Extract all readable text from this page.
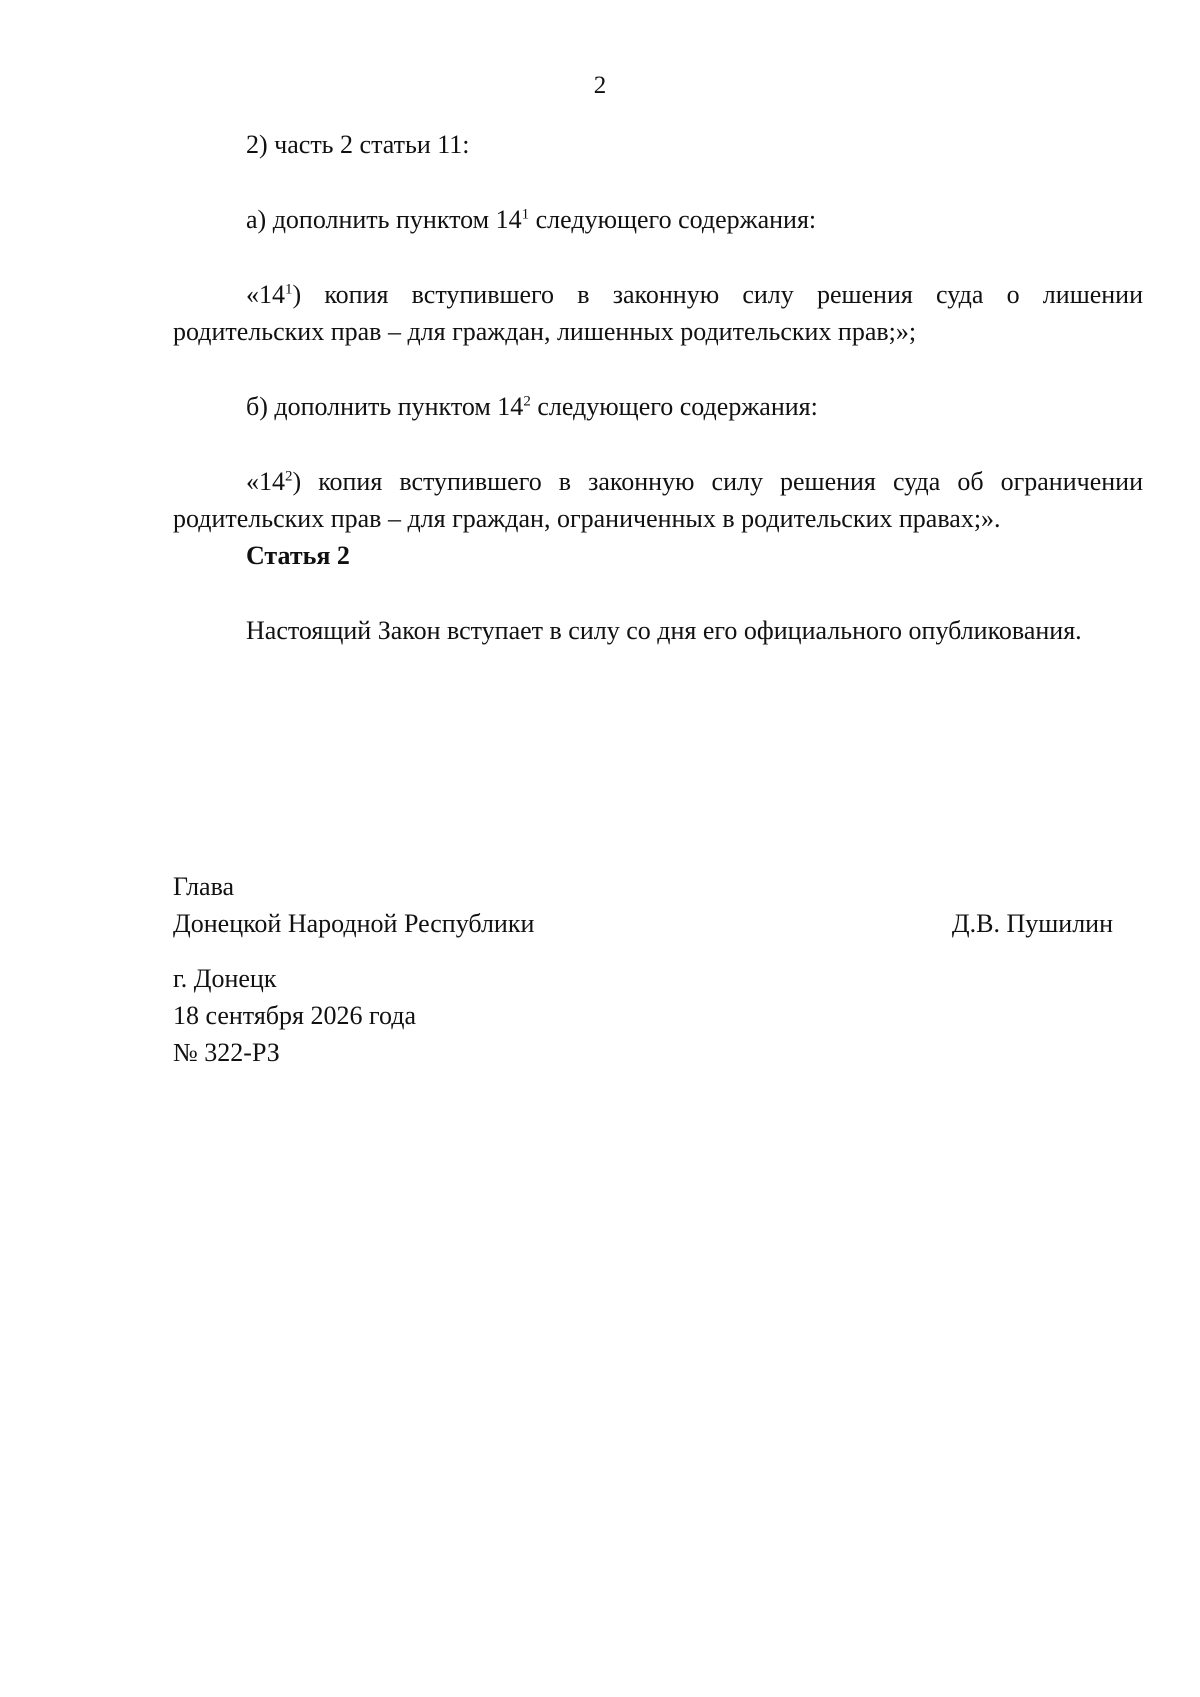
2

2) часть 2 статьи 11:

а) дополнить пунктом $14^1$ следующего содержания:

«$14^1$) копия вступившего в законную силу решения суда о лишении родительских прав – для граждан, лишенных родительских прав;»;

б) дополнить пунктом $14^2$ следующего содержания:

«$14^2$) копия вступившего в законную силу решения суда об ограничении родительских прав – для граждан, ограниченных в родительских правах;».

Статья 2

Настоящий Закон вступает в силу со дня его официального опубликования.

Глава
Донецкой Народной Республики	Д.В. Пушилин
г. Донецк
18 сентября 2026 года
№ 322-РЗ
